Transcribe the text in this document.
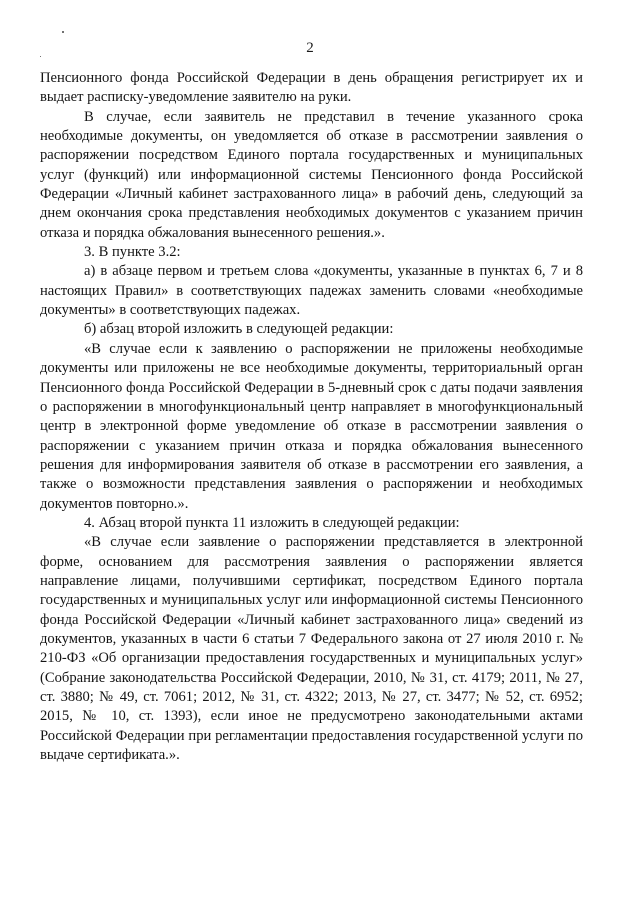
2

Пенсионного фонда Российской Федерации в день обращения регистрирует их и выдает расписку-уведомление заявителю на руки.

В случае, если заявитель не представил в течение указанного срока необходимые документы, он уведомляется об отказе в рассмотрении заявления о распоряжении посредством Единого портала государственных и муниципальных услуг (функций) или информационной системы Пенсионного фонда Российской Федерации «Личный кабинет застрахованного лица» в рабочий день, следующий за днем окончания срока представления необходимых документов с указанием причин отказа и порядка обжалования вынесенного решения.».

3. В пункте 3.2:

а) в абзаце первом и третьем слова «документы, указанные в пунктах 6, 7 и 8 настоящих Правил» в соответствующих падежах заменить словами «необходимые документы» в соответствующих падежах.

б) абзац второй изложить в следующей редакции:

«В случае если к заявлению о распоряжении не приложены необходимые документы или приложены не все необходимые документы, территориальный орган Пенсионного фонда Российской Федерации в 5-дневный срок с даты подачи заявления о распоряжении в многофункциональный центр направляет в многофункциональный центр в электронной форме уведомление об отказе в рассмотрении заявления о распоряжении с указанием причин отказа и порядка обжалования вынесенного решения для информирования заявителя об отказе в рассмотрении его заявления, а также о возможности представления заявления о распоряжении и необходимых документов повторно.».

4. Абзац второй пункта 11 изложить в следующей редакции:

«В случае если заявление о распоряжении представляется в электронной форме, основанием для рассмотрения заявления о распоряжении является направление лицами, получившими сертификат, посредством Единого портала государственных и муниципальных услуг или информационной системы Пенсионного фонда Российской Федерации «Личный кабинет застрахованного лица» сведений из документов, указанных в части 6 статьи 7 Федерального закона от 27 июля 2010 г. № 210-ФЗ «Об организации предоставления государственных и муниципальных услуг» (Собрание законодательства Российской Федерации, 2010, № 31, ст. 4179; 2011, № 27, ст. 3880; № 49, ст. 7061; 2012, № 31, ст. 4322; 2013, № 27, ст. 3477; № 52, ст. 6952; 2015, № 10, ст. 1393), если иное не предусмотрено законодательными актами Российской Федерации при регламентации предоставления государственной услуги по выдаче сертификата.».
